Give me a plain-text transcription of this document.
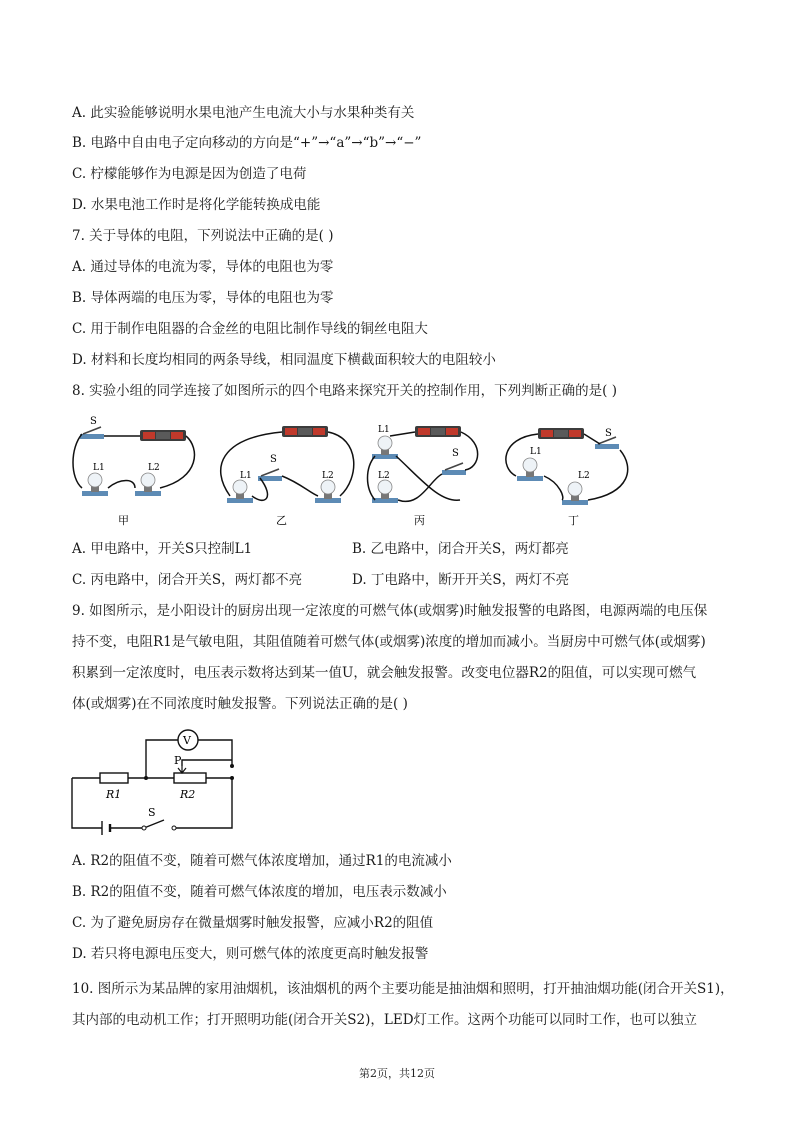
A. 此实验能够说明水果电池产生电流大小与水果种类有关
B. 电路中自由电子定向移动的方向是“+”→“a”→“b”→“−”
C. 柠檬能够作为电源是因为创造了电荷
D. 水果电池工作时是将化学能转换成电能
7. 关于导体的电阻，下列说法中正确的是( )
A. 通过导体的电流为零，导体的电阻也为零
B. 导体两端的电压为零，导体的电阻也为零
C. 用于制作电阻器的合金丝的电阻比制作导线的铜丝电阻大
D. 材料和长度均相同的两条导线，相同温度下横截面积较大的电阻较小
8. 实验小组的同学连接了如图所示的四个电路来探究开关的控制作用，下列判断正确的是( )
S
L1	L2
甲
S
L1	L2
乙
S
L1
L2
丙
S
L1
L2
丁
A. 甲电路中，开关S只控制L1	B. 乙电路中，闭合开关S，两灯都亮
C. 丙电路中，闭合开关S，两灯都不亮	D. 丁电路中，断开开关S，两灯不亮
9. 如图所示，是小阳设计的厨房出现一定浓度的可燃气体(或烟雾)时触发报警的电路图，电源两端的电压保
持不变，电阻R1是气敏电阻，其阻值随着可燃气体(或烟雾)浓度的增加而减小。当厨房中可燃气体(或烟雾)
积累到一定浓度时，电压表示数将达到某一值U，就会触发报警。改变电位器R2的阻值，可以实现可燃气
体(或烟雾)在不同浓度时触发报警。下列说法正确的是( )
V
P
R1	R2
S
A. R2的阻值不变，随着可燃气体浓度增加，通过R1的电流减小
B. R2的阻值不变，随着可燃气体浓度的增加，电压表示数减小
C. 为了避免厨房存在微量烟雾时触发报警，应减小R2的阻值
D. 若只将电源电压变大，则可燃气体的浓度更高时触发报警
10. 图所示为某品牌的家用油烟机，该油烟机的两个主要功能是抽油烟和照明，打开抽油烟功能(闭合开关S1)，
其内部的电动机工作；打开照明功能(闭合开关S2)，LED灯工作。这两个功能可以同时工作，也可以独立
第2页，共12页
